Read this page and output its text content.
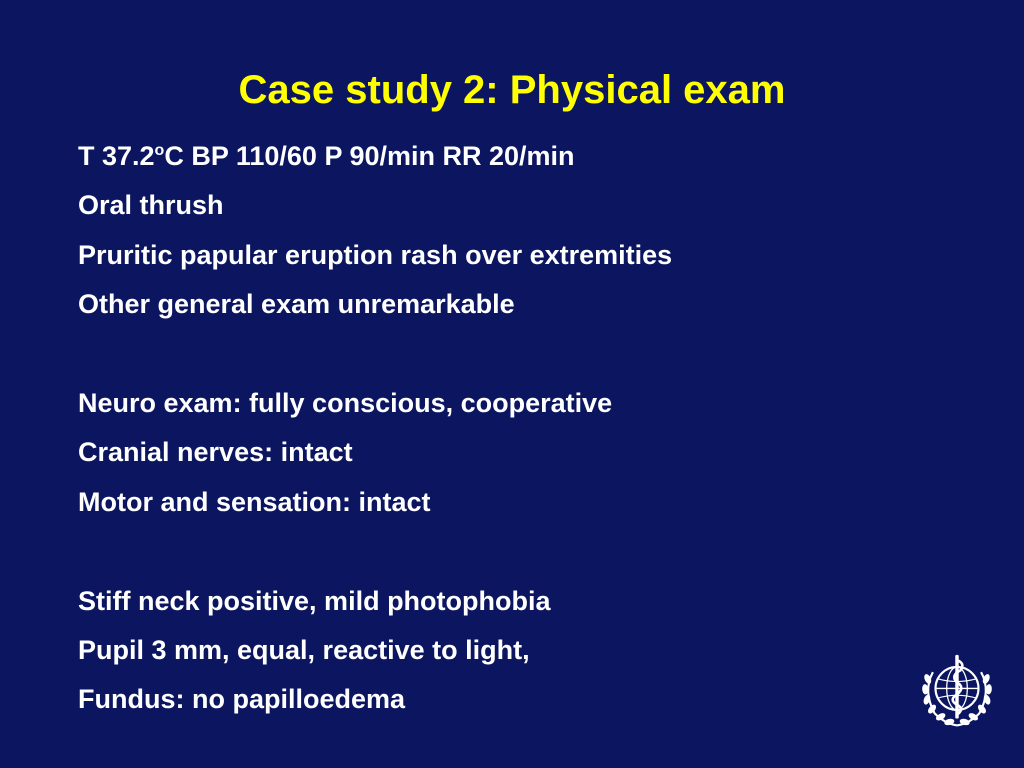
Case study 2: Physical exam
T 37.2$^o$C BP 110/60 P 90/min RR 20/min
Oral thrush
Pruritic papular eruption rash over extremities
Other general exam unremarkable
Neuro exam: fully conscious, cooperative
Cranial nerves: intact
Motor and sensation: intact
Stiff neck positive, mild photophobia
Pupil 3 mm, equal, reactive to light,
Fundus: no papilloedema
